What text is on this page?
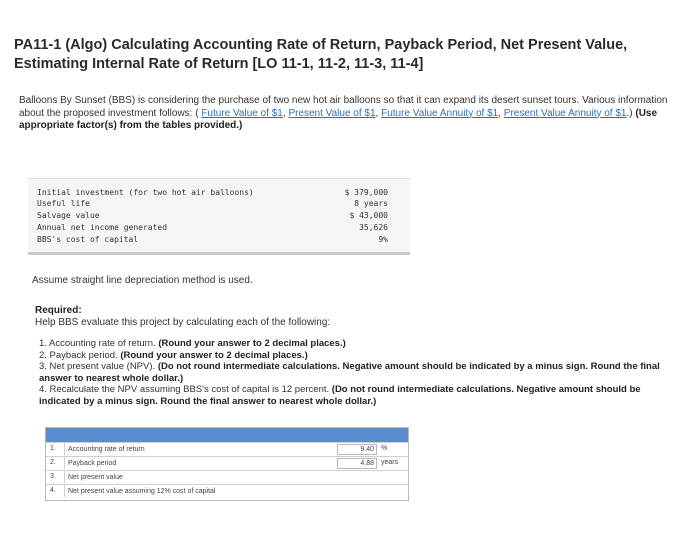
PA11-1 (Algo) Calculating Accounting Rate of Return, Payback Period, Net Present Value, Estimating Internal Rate of Return [LO 11-1, 11-2, 11-3, 11-4]
Balloons By Sunset (BBS) is considering the purchase of two new hot air balloons so that it can expand its desert sunset tours. Various information about the proposed investment follows: ( Future Value of $1, Present Value of $1, Future Value Annuity of $1, Present Value Annuity of $1.) (Use appropriate factor(s) from the tables provided.)
Initial investment (for two hot air balloons)	$ 379,000
Useful life	8 years
Salvage value	$ 43,000
Annual net income generated	35,626
BBS's cost of capital	9%
Assume straight line depreciation method is used.
Required:
Help BBS evaluate this project by calculating each of the following:

1. Accounting rate of return. (Round your answer to 2 decimal places.)

2. Payback period. (Round your answer to 2 decimal places.)

3. Net present value (NPV). (Do not round intermediate calculations. Negative amount should be indicated by a minus sign. Round the final answer to nearest whole dollar.)

4. Recalculate the NPV assuming BBS's cost of capital is 12 percent. (Do not round intermediate calculations. Negative amount should be indicated by a minus sign. Round the final answer to nearest whole dollar.)

1.	Accounting rate of return	9.40	%
2.	Payback period	4.88	years
3.	Net present value
4.	Net present value assuming 12% cost of capital
